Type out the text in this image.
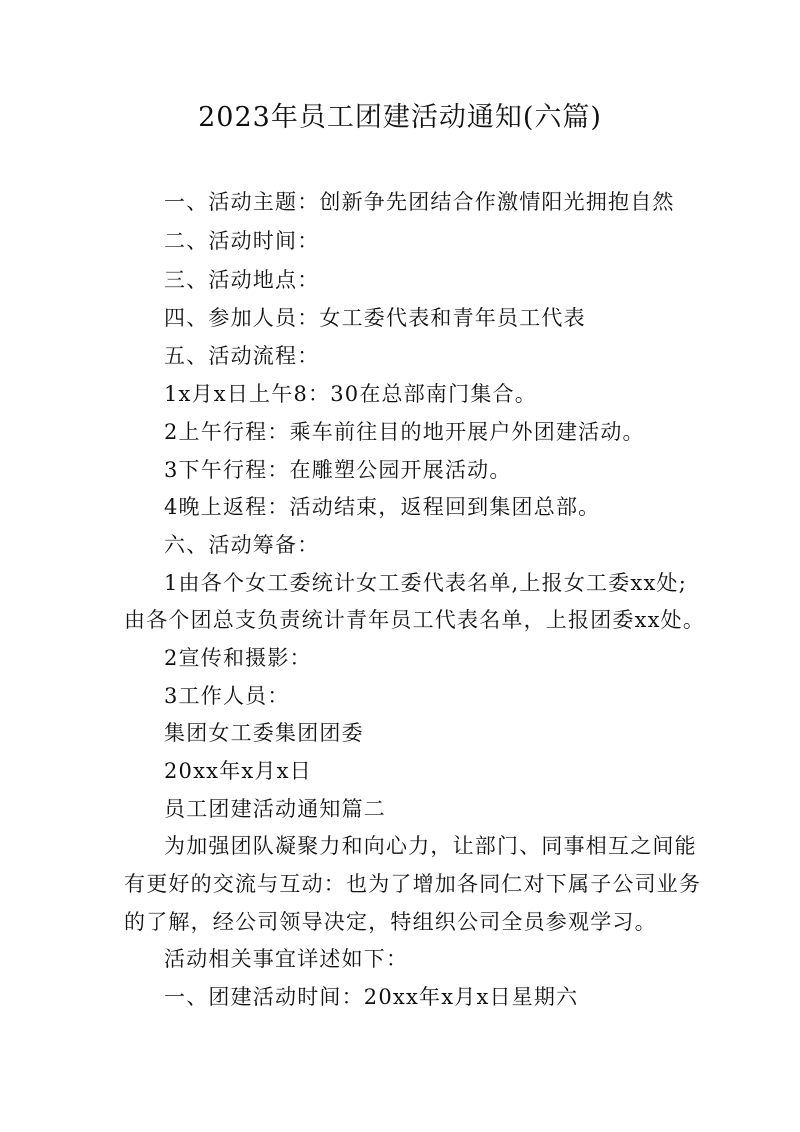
2023年员工团建活动通知(六篇)
一、活动主题：创新争先团结合作激情阳光拥抱自然
二、活动时间：
三、活动地点：
四、参加人员：女工委代表和青年员工代表
五、活动流程：
1x月x日上午8：30在总部南门集合。
2上午行程：乘车前往目的地开展户外团建活动。
3下午行程：在雕塑公园开展活动。
4晚上返程：活动结束，返程回到集团总部。
六、活动筹备：
1由各个女工委统计女工委代表名单,上报女工委xx处;
由各个团总支负责统计青年员工代表名单，上报团委xx处。
2宣传和摄影：
3工作人员：
集团女工委集团团委
20xx年x月x日
员工团建活动通知篇二
为加强团队凝聚力和向心力，让部门、同事相互之间能
有更好的交流与互动：也为了增加各同仁对下属子公司业务
的了解，经公司领导决定，特组织公司全员参观学习。
活动相关事宜详述如下：
一、团建活动时间：20xx年x月x日星期六
